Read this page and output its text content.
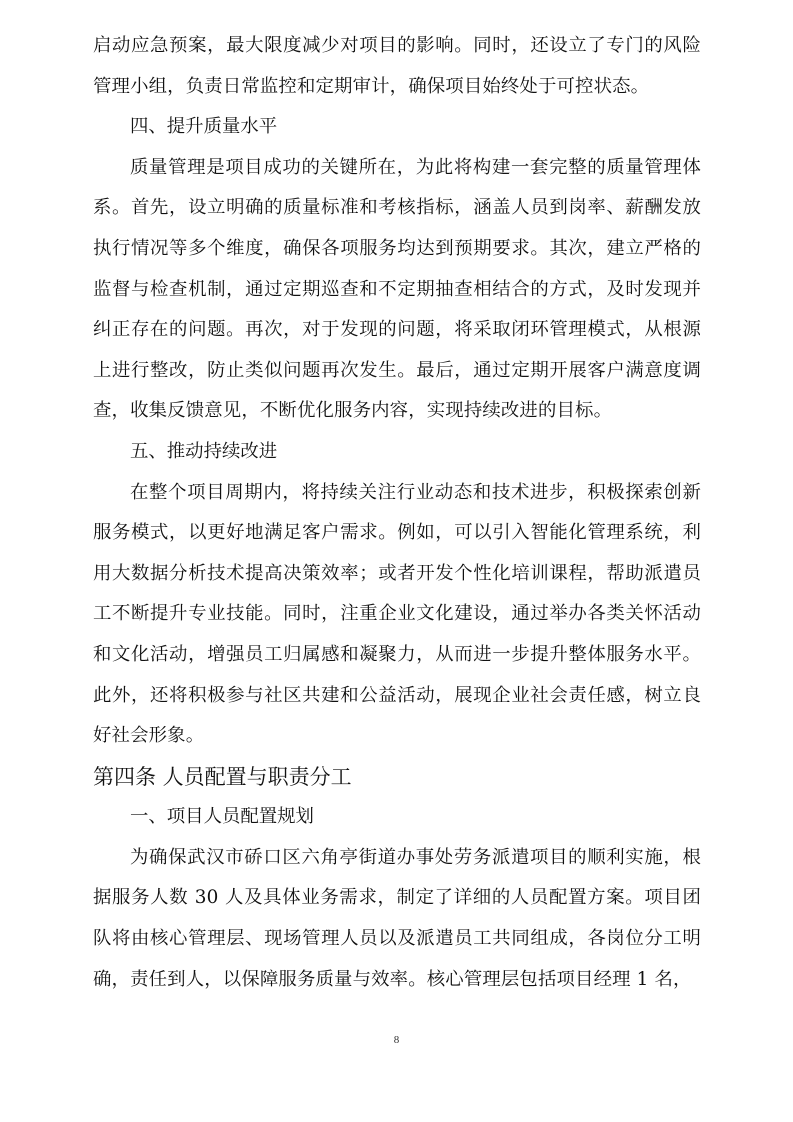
启动应急预案，最大限度减少对项目的影响。同时，还设立了专门的风险管理小组，负责日常监控和定期审计，确保项目始终处于可控状态。

四、提升质量水平

质量管理是项目成功的关键所在，为此将构建一套完整的质量管理体系。首先，设立明确的质量标准和考核指标，涵盖人员到岗率、薪酬发放执行情况等多个维度，确保各项服务均达到预期要求。其次，建立严格的监督与检查机制，通过定期巡查和不定期抽查相结合的方式，及时发现并纠正存在的问题。再次，对于发现的问题，将采取闭环管理模式，从根源上进行整改，防止类似问题再次发生。最后，通过定期开展客户满意度调查，收集反馈意见，不断优化服务内容，实现持续改进的目标。

五、推动持续改进

在整个项目周期内，将持续关注行业动态和技术进步，积极探索创新服务模式，以更好地满足客户需求。例如，可以引入智能化管理系统，利用大数据分析技术提高决策效率；或者开发个性化培训课程，帮助派遣员工不断提升专业技能。同时，注重企业文化建设，通过举办各类关怀活动和文化活动，增强员工归属感和凝聚力，从而进一步提升整体服务水平。此外，还将积极参与社区共建和公益活动，展现企业社会责任感，树立良好社会形象。

第四条 人员配置与职责分工

一、项目人员配置规划

为确保武汉市硚口区六角亭街道办事处劳务派遣项目的顺利实施，根据服务人数 30 人及具体业务需求，制定了详细的人员配置方案。项目团队将由核心管理层、现场管理人员以及派遣员工共同组成，各岗位分工明确，责任到人，以保障服务质量与效率。核心管理层包括项目经理 1 名，

8
